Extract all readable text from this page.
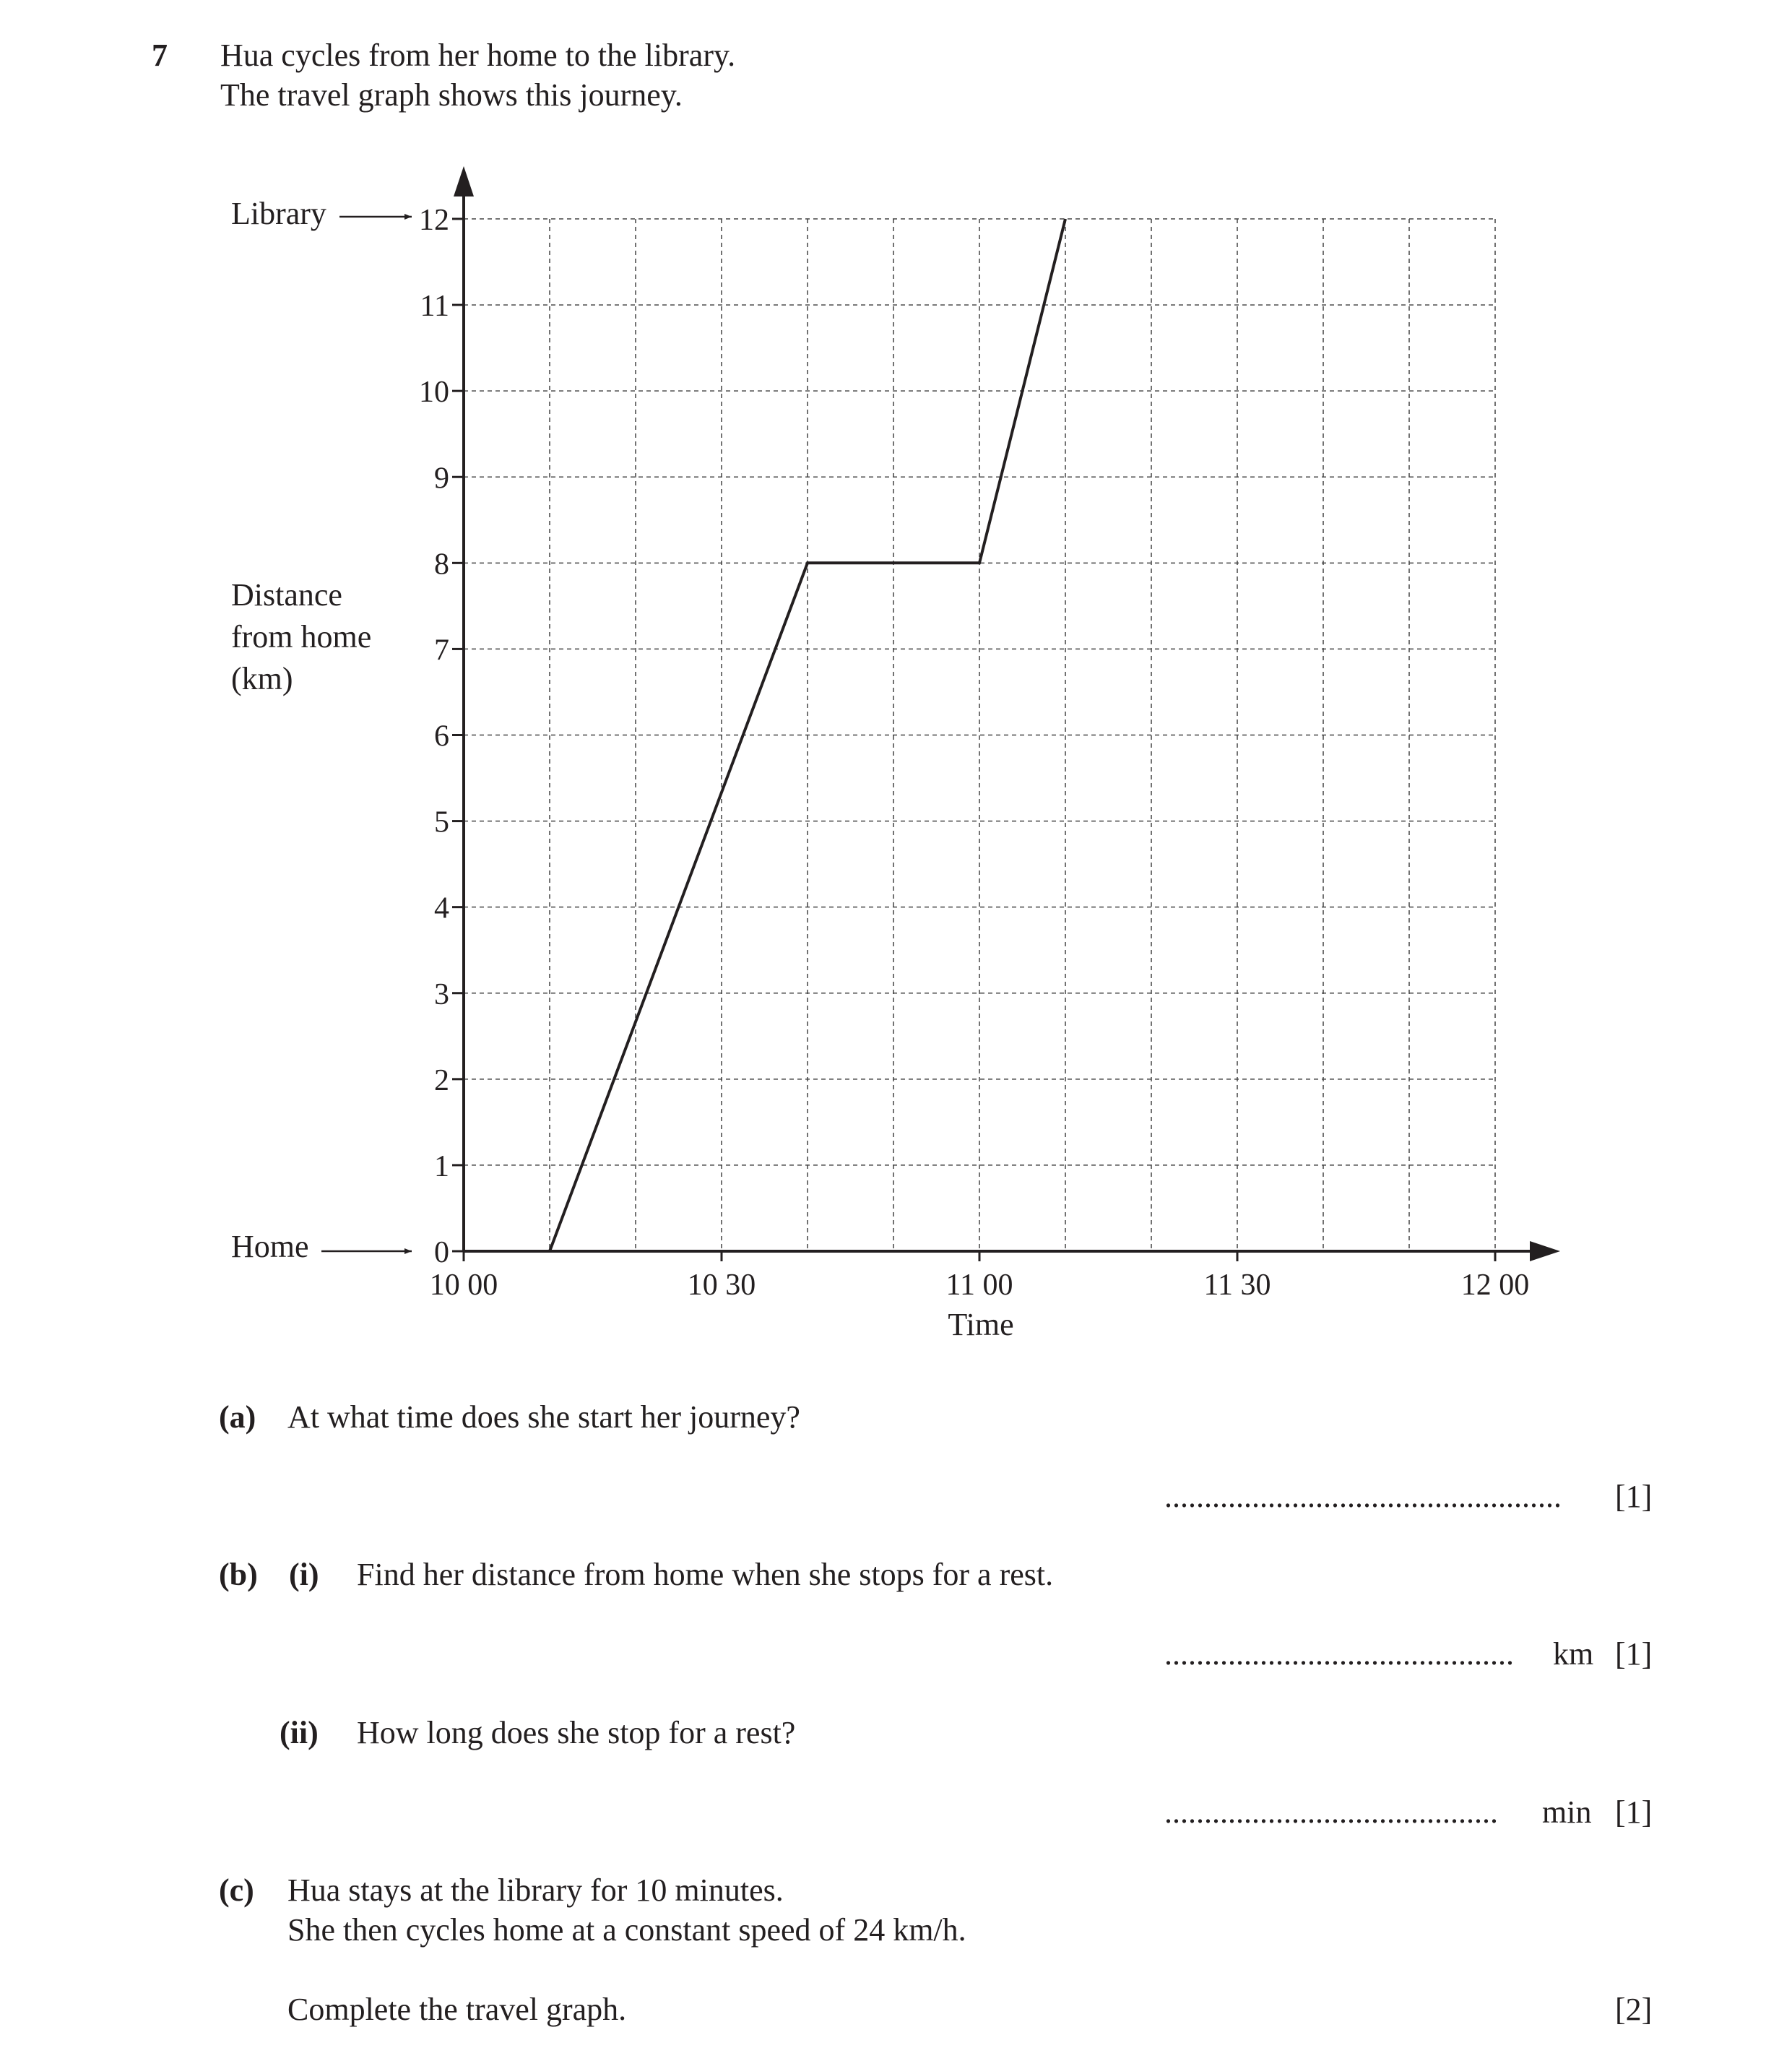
7 Hua cycles from her home to the library.
The travel graph shows this journey.
0
1
2
3
4
5
6
7
8
9
10
11
12
10 00	10 30	11 00	11 30	12 00
Library
Home
Distance
from home
(km)
Time
(a) At what time does she start her journey?
.................................................. [1]
(b) (i) Find her distance from home when she stops for a rest.
............................................ km [1]
(ii) How long does she stop for a rest?
.......................................... min [1]
(c) Hua stays at the library for 10 minutes.
She then cycles home at a constant speed of 24 km/h.
Complete the travel graph.	[2]
